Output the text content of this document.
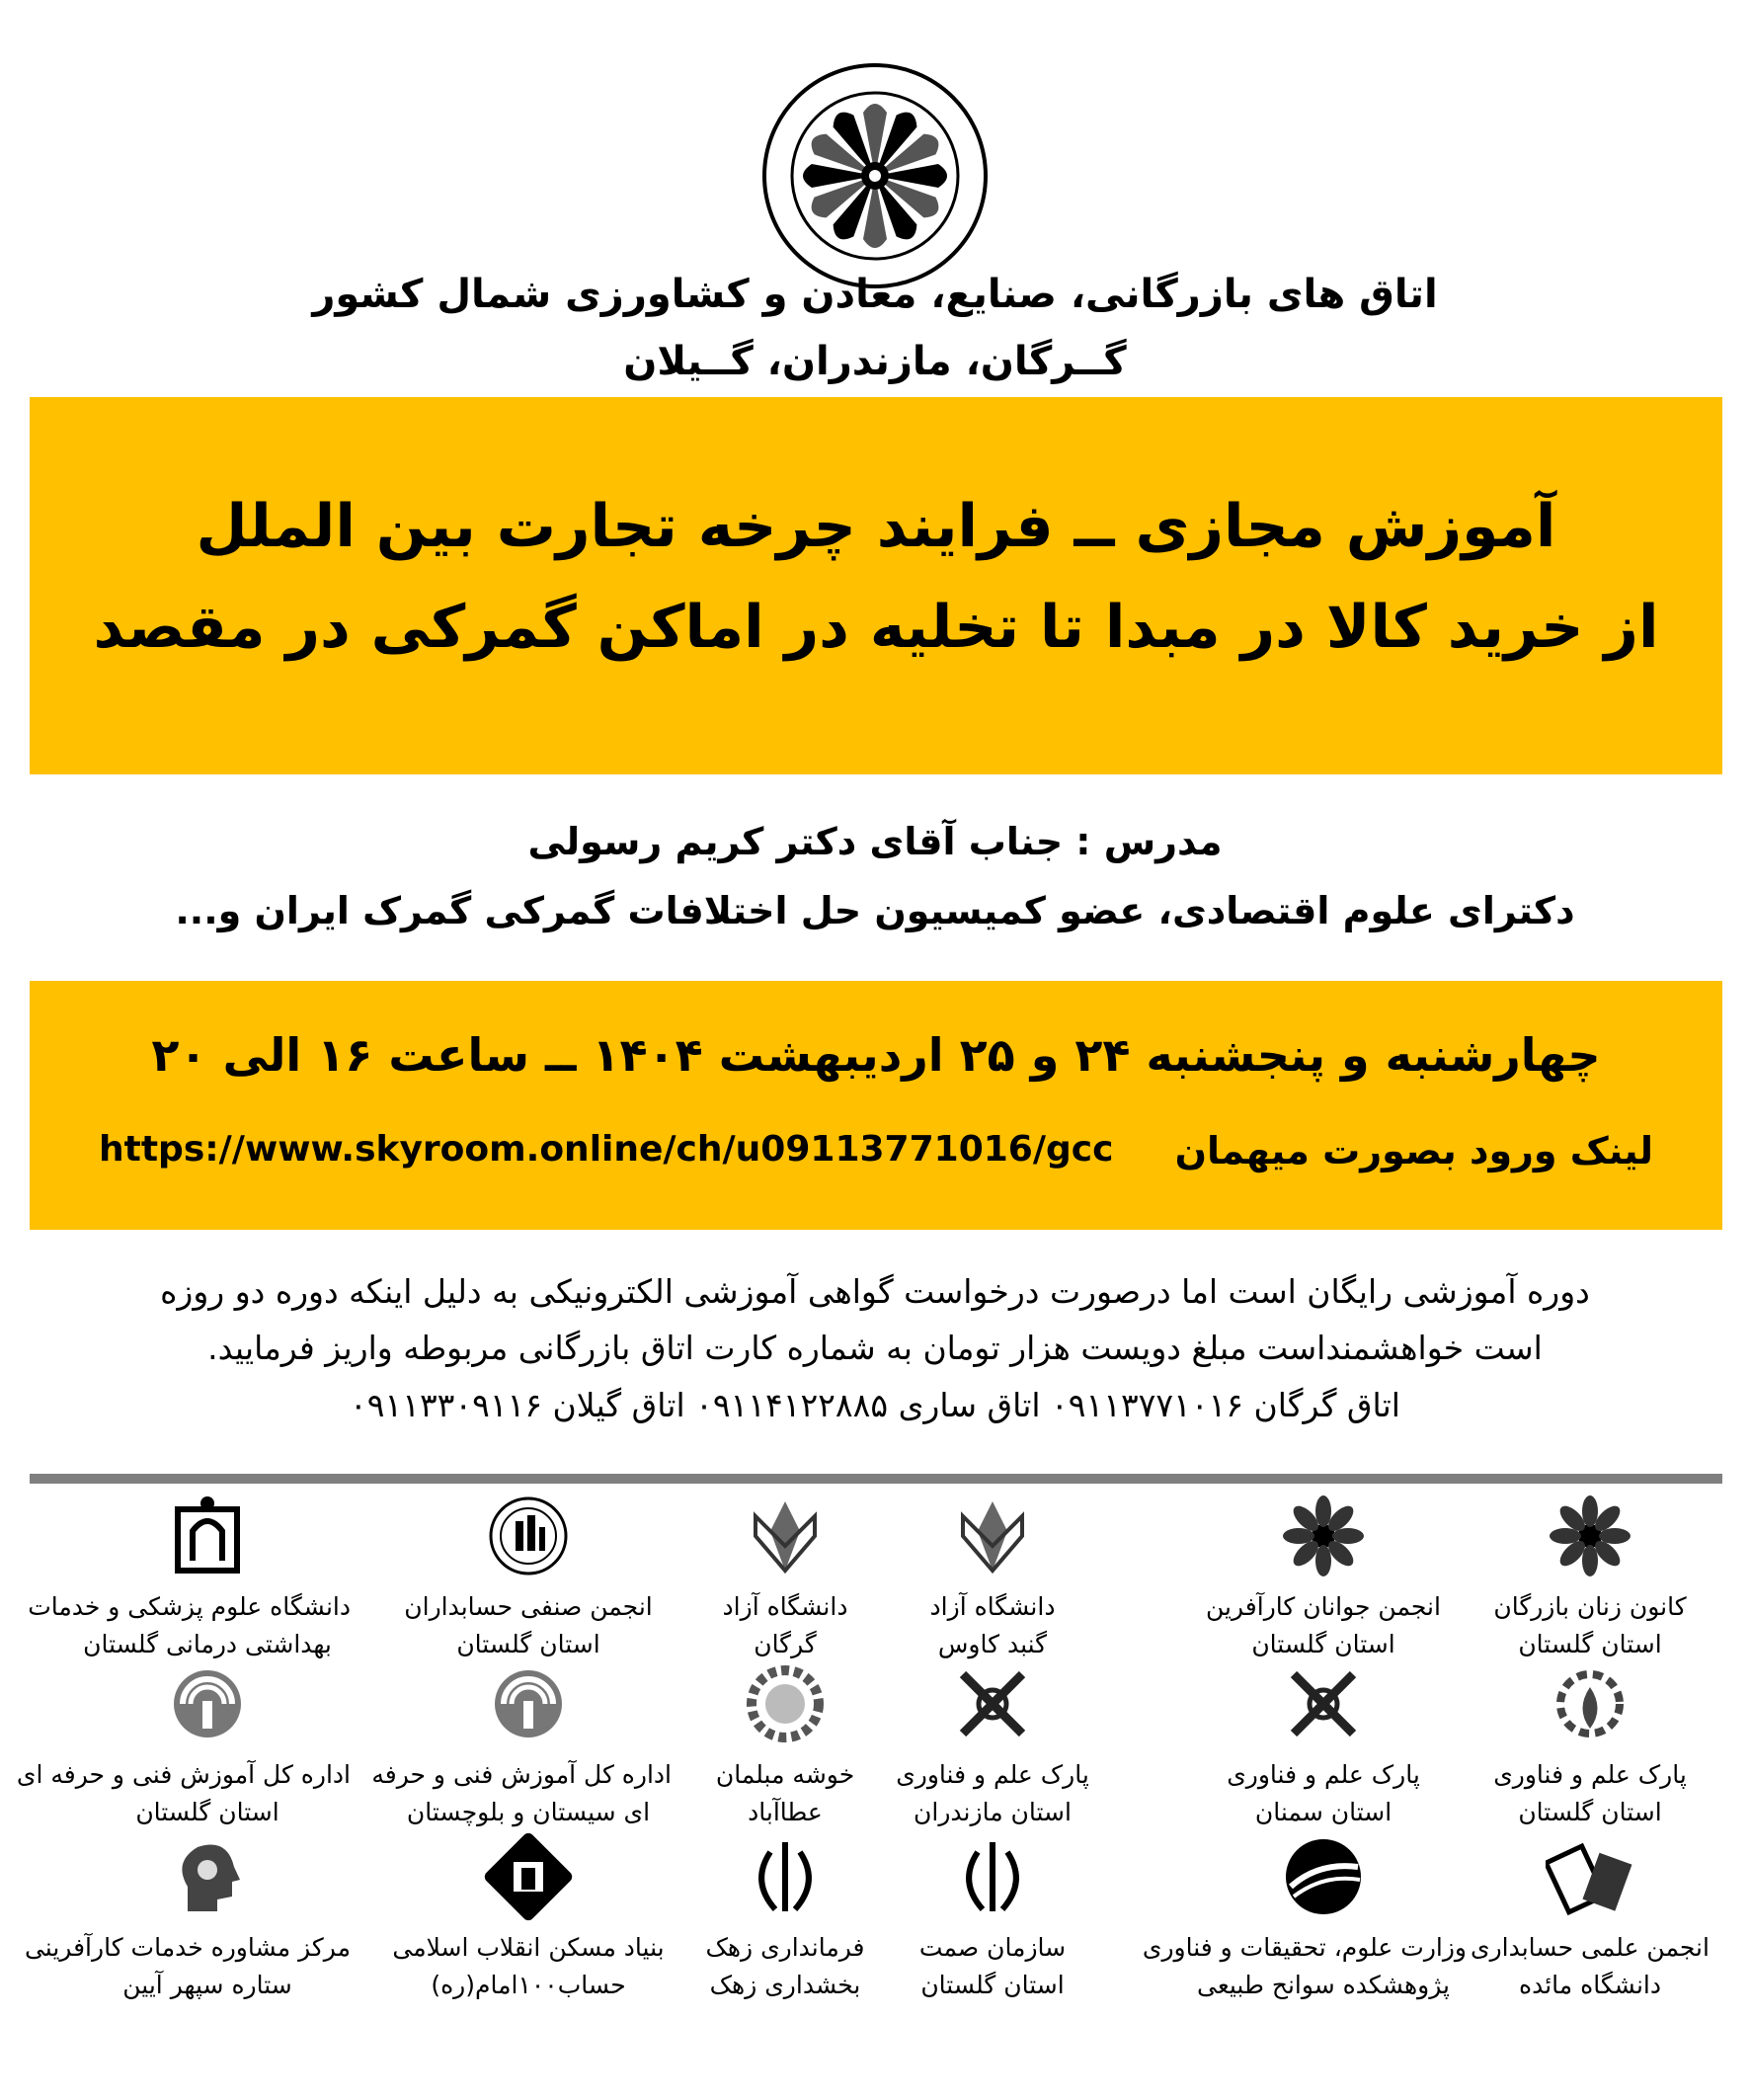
اتاق های بازرگانی، صنایع، معادن و کشاورزی شمال کشور
گــرگان، مازندران، گــیلان
آموزش مجازی ــ فرایند چرخه تجارت بین الملل
از خرید کالا در مبدا تا تخلیه در اماکن گمرکی در مقصد
مدرس : جناب آقای دکتر کریم رسولی
دکترای علوم اقتصادی، عضو کمیسیون حل اختلافات گمرکی گمرک ایران و...
چهارشنبه و پنجشنبه ۲۴ و ۲۵ اردیبهشت ۱۴۰۴ ــ ساعت ۱۶ الی ۲۰
لینک ورود بصورت میهمان
https://www.skyroom.online/ch/u09113771016/gcc
دوره آموزشی رایگان است اما درصورت درخواست گواهی آموزشی الکترونیکی به دلیل اینکه دوره دو روزه
است خواهشمنداست مبلغ دویست هزار تومان به شماره کارت اتاق بازرگانی مربوطه واریز فرمایید.
اتاق گرگان ۰۹۱۱۳۷۷۱۰۱۶ اتاق ساری ۰۹۱۱۴۱۲۲۸۸۵ اتاق گیلان ۰۹۱۱۳۳۰۹۱۱۶
کانون زنان بازرگان
استان گلستان
انجمن جوانان کارآفرین
استان گلستان
دانشگاه آزاد
گنبد کاوس
دانشگاه آزاد
گرگان
انجمن صنفی حسابداران
استان گلستان
دانشگاه علوم پزشکی و خدمات
بهداشتی درمانی گلستان
پارک علم و فناوری
استان گلستان
پارک علم و فناوری
استان سمنان
پارک علم و فناوری
استان مازندران
خوشه مبلمان
عطاآباد
اداره کل آموزش فنی و حرفه
ای سیستان و بلوچستان
اداره کل آموزش فنی و حرفه ای
استان گلستان
انجمن علمی حسابداری
دانشگاه مائده
وزارت علوم، تحقیقات و فناوری
پژوهشکده سوانح طبیعی
سازمان صمت
استان گلستان
فرمانداری زهک
بخشداری زهک
بنیاد مسکن انقلاب اسلامی
حساب۱۰۰امام(ره)
مرکز مشاوره خدمات کارآفرینی
ستاره سپهر آیین
